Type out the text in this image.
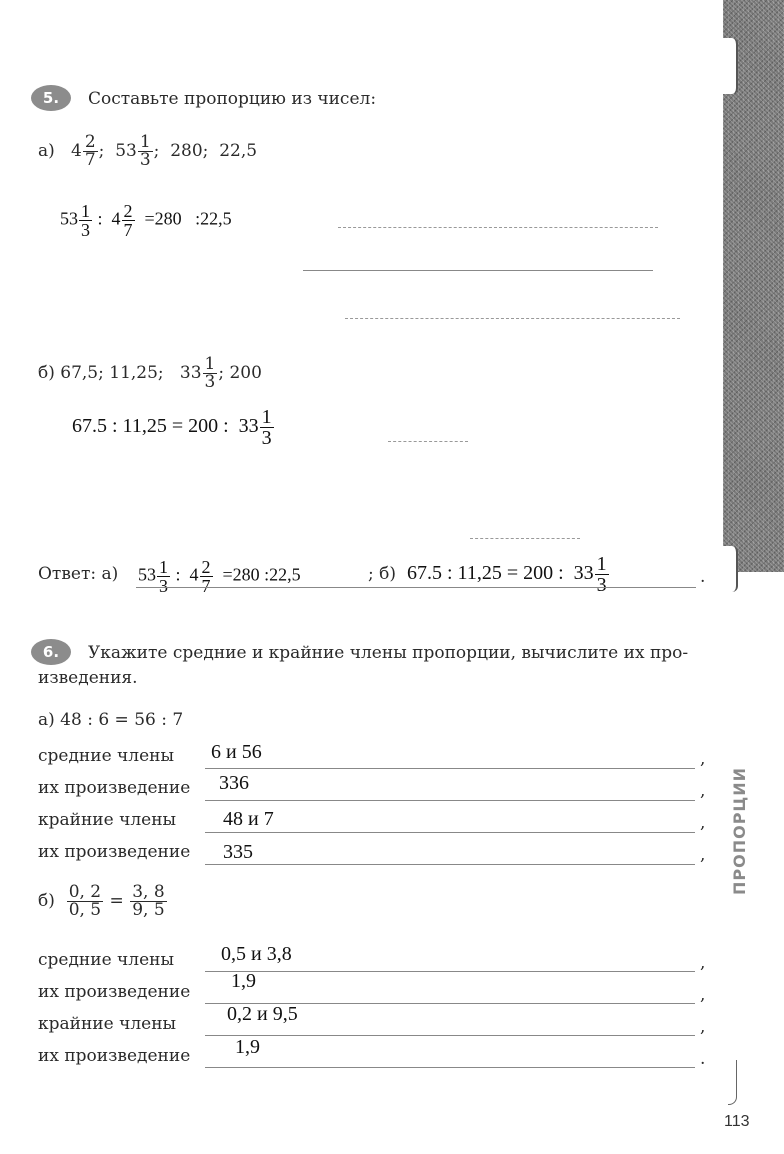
ПРОПОРЦИИ
5.	Составьте пропорцию из чисел:
а) $4 \frac{2}{7}$ ; $53 \frac{1}{3}$ ; 280; 22,5
$53 \frac{1}{3}$ : $4 \frac{2}{7} =280$ :22,5
б) 67,5; 11,25; $33 \frac{1}{3}$ ; 200
67.5 : 11,25 = 200 : $33 \frac{1}{3}$
Ответ: а) $53 \frac{1}{3}$ : $4 \frac{2}{7} =280$ :22,5	; б) 67.5 : 11,25 = 200 : $33 \frac{1}{3}$	.
6.	Укажите средние и крайние члены пропорции, вычислите их про-
изведения.
а) 48 : 6 = 56 : 7
средние члены 6 и 56	,
их произведение 336	,
крайние члены 48 и 7	,
их произведение 335	,
$б) \frac{0, 2}{0, 5} = \frac{3, 8}{9, 5}$
средние члены 0,5 и 3,8	,
их произведение 1,9
,
крайние члены	0,2 и 9,5
,
их произведение 1,9
.
113
